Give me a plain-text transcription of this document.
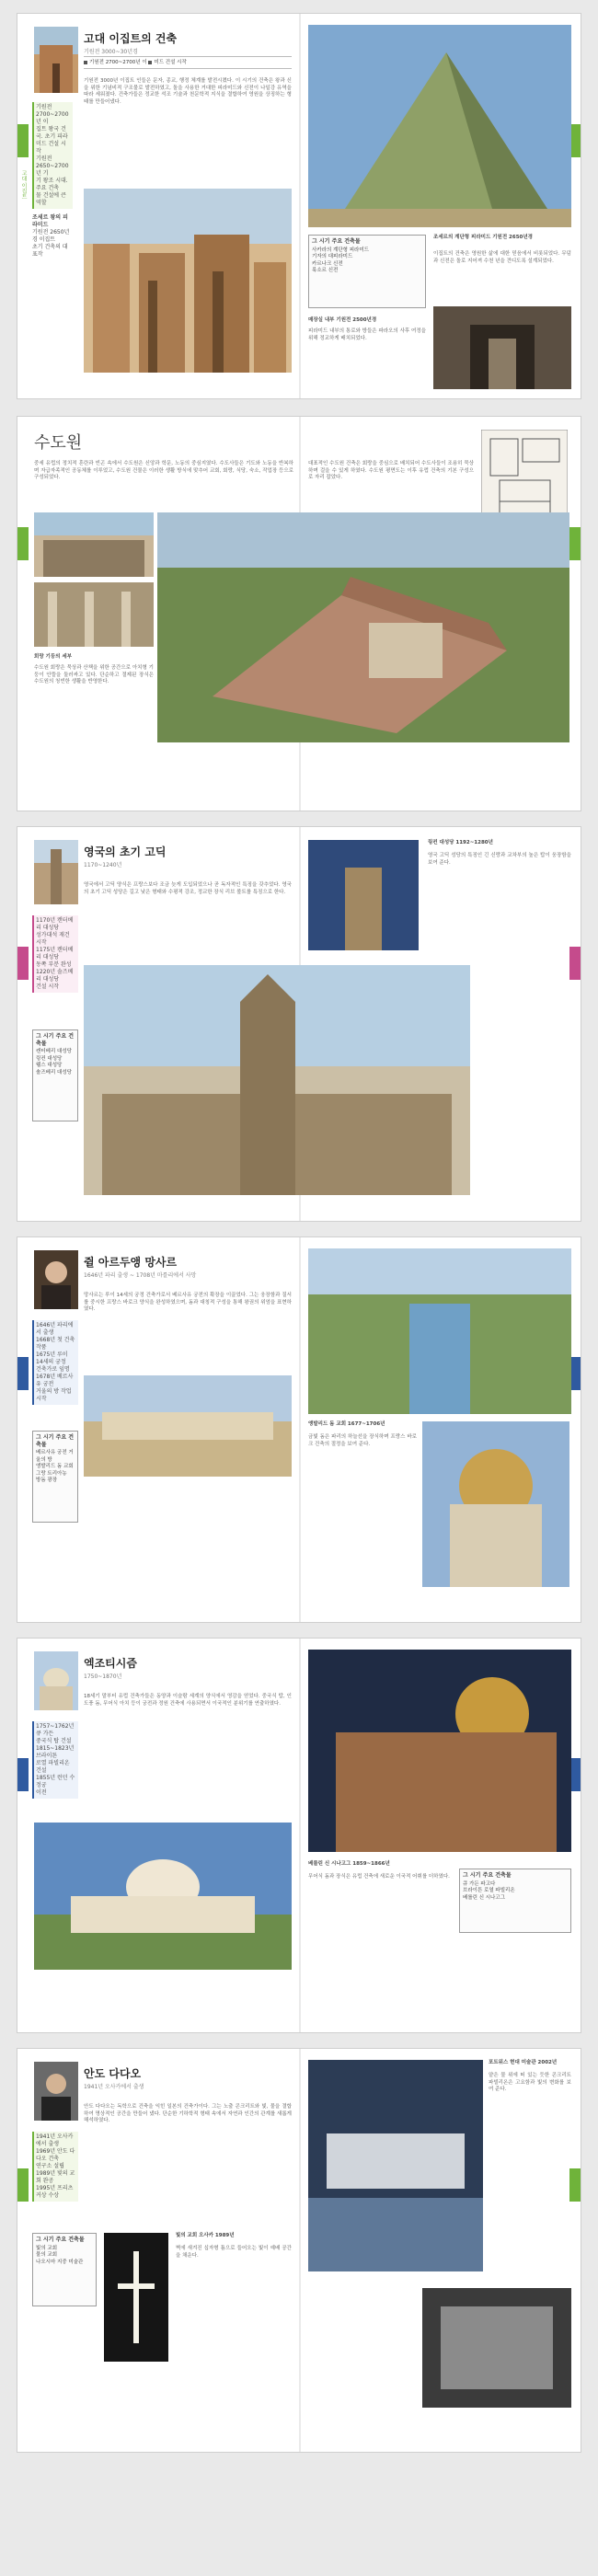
고대 이집트
고대 이집트의 건축
기원전 3000~30년경
기원전 2700~2700년 이 미드 건설 시작
기원전 2700~2700년 이
집트 왕국 건국. 초기 피라
미드 건설 시작
기원전 2650~2700년 기
기 왕조 시대. 주요 건축
물 건설에 큰 역할
조세르 왕의 피라미드
기원전 2650년경 이집트
초기 건축의 대표작
기원전 3000년 이집트 인들은 문자, 종교, 행정 체계를 발전시켰다. 이 시기의 건축은 왕과 신을 위한 기념비적 구조물로 발전하였고, 돌을 사용한 거대한 피라미드와 신전이 나일강 유역을 따라 세워졌다. 건축가들은 정교한 석조 기술과 천문학적 지식을 결합하여 영원을 상징하는 형태를 만들어냈다.
그 시기 주요 건축물
사카라의 계단형 피라미드
기자의 대피라미드
카르나크 신전
룩소르 신전
조세르의 계단형 피라미드 기원전 2650년경
이집트의 건축은 영원한 삶에 대한 믿음에서 비롯되었다. 무덤과 신전은 돌로 지어져 수천 년을 견디도록 설계되었다.
매장실 내부 기원전 2500년경
피라미드 내부의 통로와 방들은 파라오의 사후 여정을 위해 정교하게 배치되었다.
수도원
중세 유럽의 정치적 혼란과 빈곤 속에서 수도원은 신앙과 학문, 노동의 중심지였다. 수도사들은 기도와 노동을 반복하며 자급자족적인 공동체를 이루었고, 수도원 건물은 이러한 생활 방식에 맞추어 교회, 회랑, 식당, 숙소, 작업장 등으로 구성되었다.
대표적인 수도원 건축은 회랑을 중심으로 배치되어 수도사들이 조용히 묵상하며 걸을 수 있게 하였다. 수도원 평면도는 이후 유럽 건축의 기본 구성으로 자리 잡았다.
회랑 기둥의 세부
수도원 회랑은 묵상과 산책을 위한 공간으로 아치형 기둥이 안뜰을 둘러싸고 있다. 단순하고 절제된 장식은 수도원의 청빈한 생활을 반영한다.
영국의 초기 고딕
1170~1240년
1170년 캔터베리 대성당
성가대석 재건 시작
1175년 캔터베리 대성당
동쪽 부분 완성
1220년 솔즈베리 대성당
건설 시작
그 시기 주요 건축물
캔터베리 대성당
링컨 대성당
웰스 대성당
솔즈베리 대성당
영국에서 고딕 양식은 프랑스보다 조금 늦게 도입되었으나 곧 독자적인 특징을 갖추었다. 영국의 초기 고딕 성당은 길고 낮은 형태와 수평적 강조, 정교한 장식 리브 볼트를 특징으로 한다.
링컨 대성당 1192~1280년
영국 고딕 성당의 특징인 긴 신랑과 교차부의 높은 탑이 웅장함을 보여 준다.
쥘 아르두앵 망사르
1646년 파리 출생 ~ 1708년 마를리에서 사망
1646년 파리에서 출생
1668년 첫 건축 작품
1675년 루이 14세의 궁정
건축가로 임명
1678년 베르사유 궁전
거울의 방 작업 시작
그 시기 주요 건축물
베르사유 궁전 거울의 방
앵발리드 돔 교회
그랑 트리아농
방돔 광장
망사르는 루이 14세의 궁정 건축가로서 베르사유 궁전의 확장을 이끌었다. 그는 웅장함과 질서를 중시한 프랑스 바로크 양식을 완성하였으며, 돔과 대칭적 구성을 통해 왕권의 위엄을 표현하였다.
앵발리드 돔 교회 1677~1706년
금빛 돔은 파리의 하늘선을 장식하며 프랑스 바로크 건축의 절정을 보여 준다.
엑조티시즘
1750~1870년
1757~1762년 큐 가든
중국식 탑 건설
1815~1823년 브라이튼
로열 파빌리온 건설
1855년 런던 수정궁
이전
18세기 말부터 유럽 건축가들은 동양과 이슬람 세계의 양식에서 영감을 얻었다. 중국식 탑, 인도풍 돔, 무어식 아치 등이 궁전과 정원 건축에 사용되면서 이국적인 분위기를 연출하였다.
그 시기 주요 건축물
큐 가든 파고다
브라이튼 로열 파빌리온
베를린 신 시나고그
베를린 신 시나고그 1859~1866년
무어식 돔과 장식은 유럽 건축에 새로운 이국적 어휘를 더하였다.
안도 다다오
1941년 오사카에서 출생
1941년 오사카에서 출생
1969년 안도 다다오 건축
연구소 설립
1989년 빛의 교회 완공
1995년 프리츠커상 수상
안도 다다오는 독학으로 건축을 익힌 일본의 건축가이다. 그는 노출 콘크리트와 빛, 물을 결합하여 명상적인 공간을 만들어 냈다. 단순한 기하학적 형태 속에서 자연과 인간의 관계를 새롭게 해석하였다.
그 시기 주요 건축물
빛의 교회
물의 교회
나오시마 지중 미술관
빛의 교회 오사카 1989년
벽에 새겨진 십자형 틈으로 들어오는 빛이 예배 공간을 채운다.
포트워스 현대 미술관 2002년
얕은 물 위에 떠 있는 듯한 콘크리트 파빌리온은 고요함과 빛의 변화를 보여 준다.
